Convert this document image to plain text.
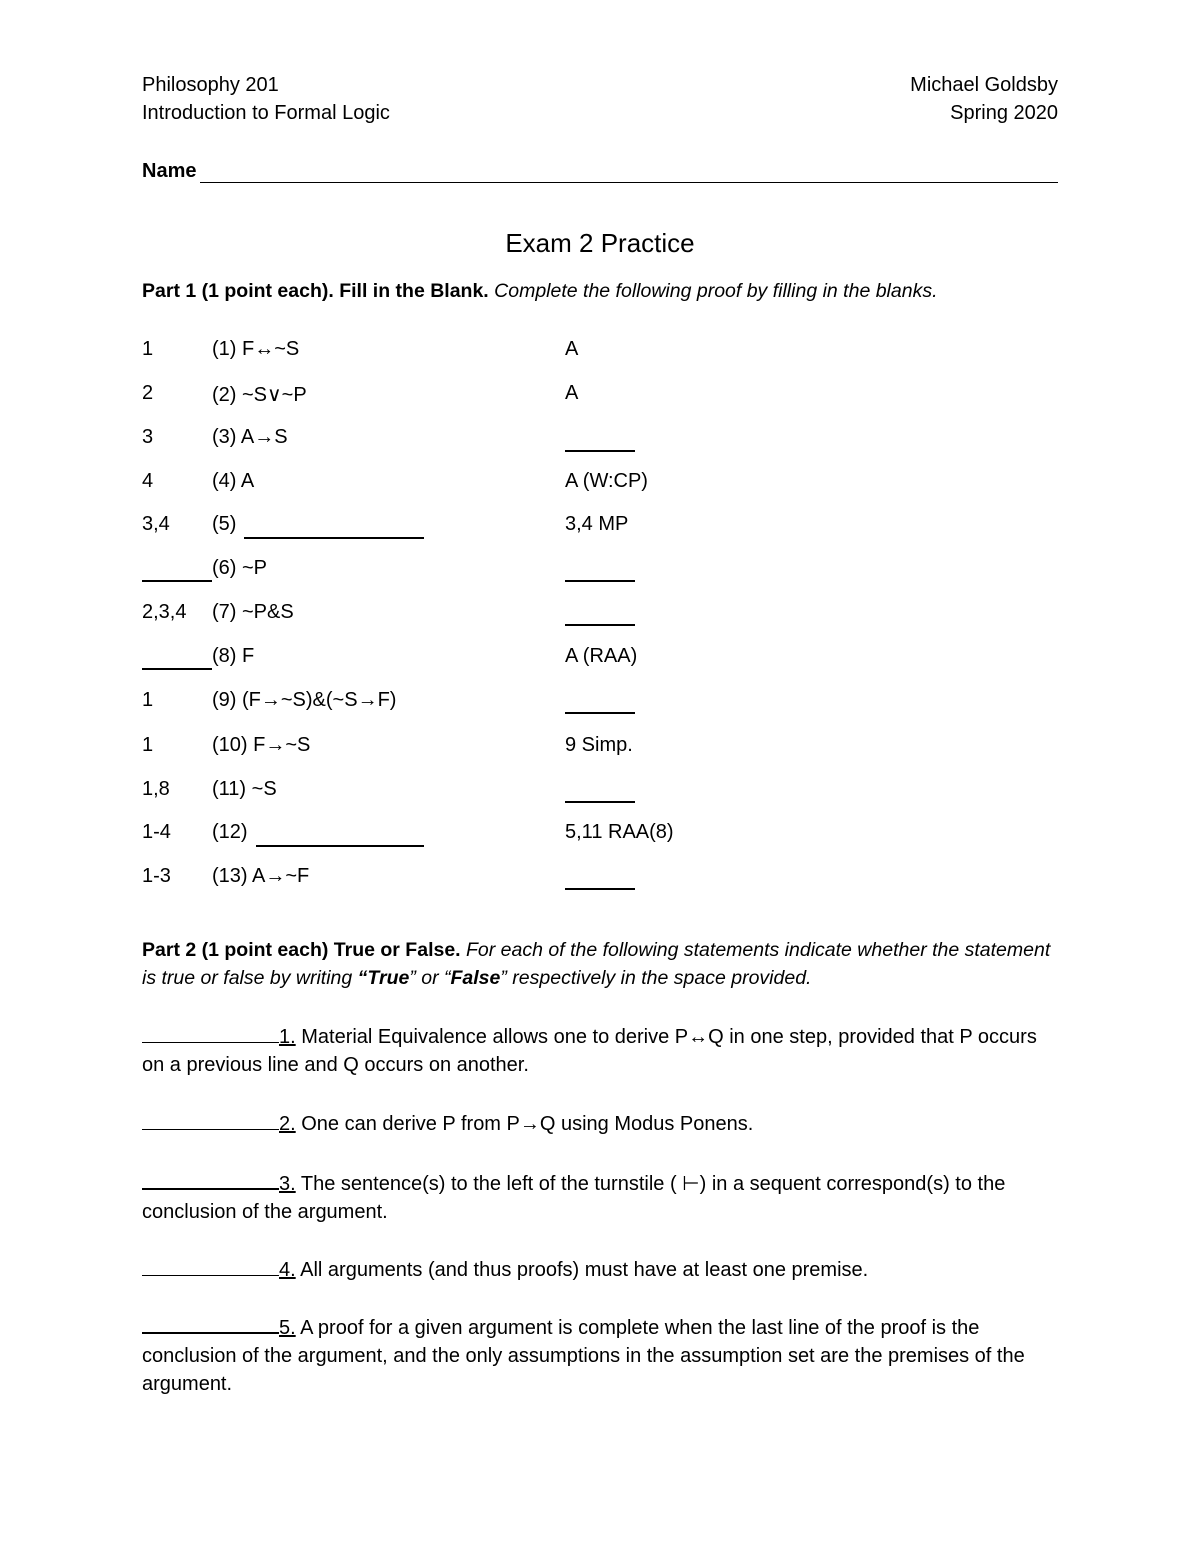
Philosophy 201
Introduction to Formal Logic
Michael Goldsby
Spring 2020
Name
Exam 2 Practice
Part 1 (1 point each). Fill in the Blank. Complete the following proof by filling in the blanks.
1	(1) F↔~S	A
2	(2) ~S∨~P	A
3	(3) A→S
4	(4) A	A (W:CP)
3,4 (5)	3,4 MP
(6) ~P
2,3,4 (7) ~P&S
(8) F	A (RAA)
1	(9) (F→~S)&(~S→F)
1	(10) F→~S	9 Simp.
1,8 (11) ~S
1-4 (12)	5,11 RAA(8)
1-3 (13) A→~F
Part 2 (1 point each) True or False. For each of the following statements indicate whether the statement is true or false by writing “True” or “False” respectively in the space provided.
1. Material Equivalence allows one to derive P↔Q in one step, provided that P occurs on a previous line and Q occurs on another.
2. One can derive P from P→Q using Modus Ponens.
3. The sentence(s) to the left of the turnstile ( ⊢) in a sequent correspond(s) to the conclusion of the argument.
4. All arguments (and thus proofs) must have at least one premise.
5. A proof for a given argument is complete when the last line of the proof is the conclusion of the argument, and the only assumptions in the assumption set are the premises of the argument.
